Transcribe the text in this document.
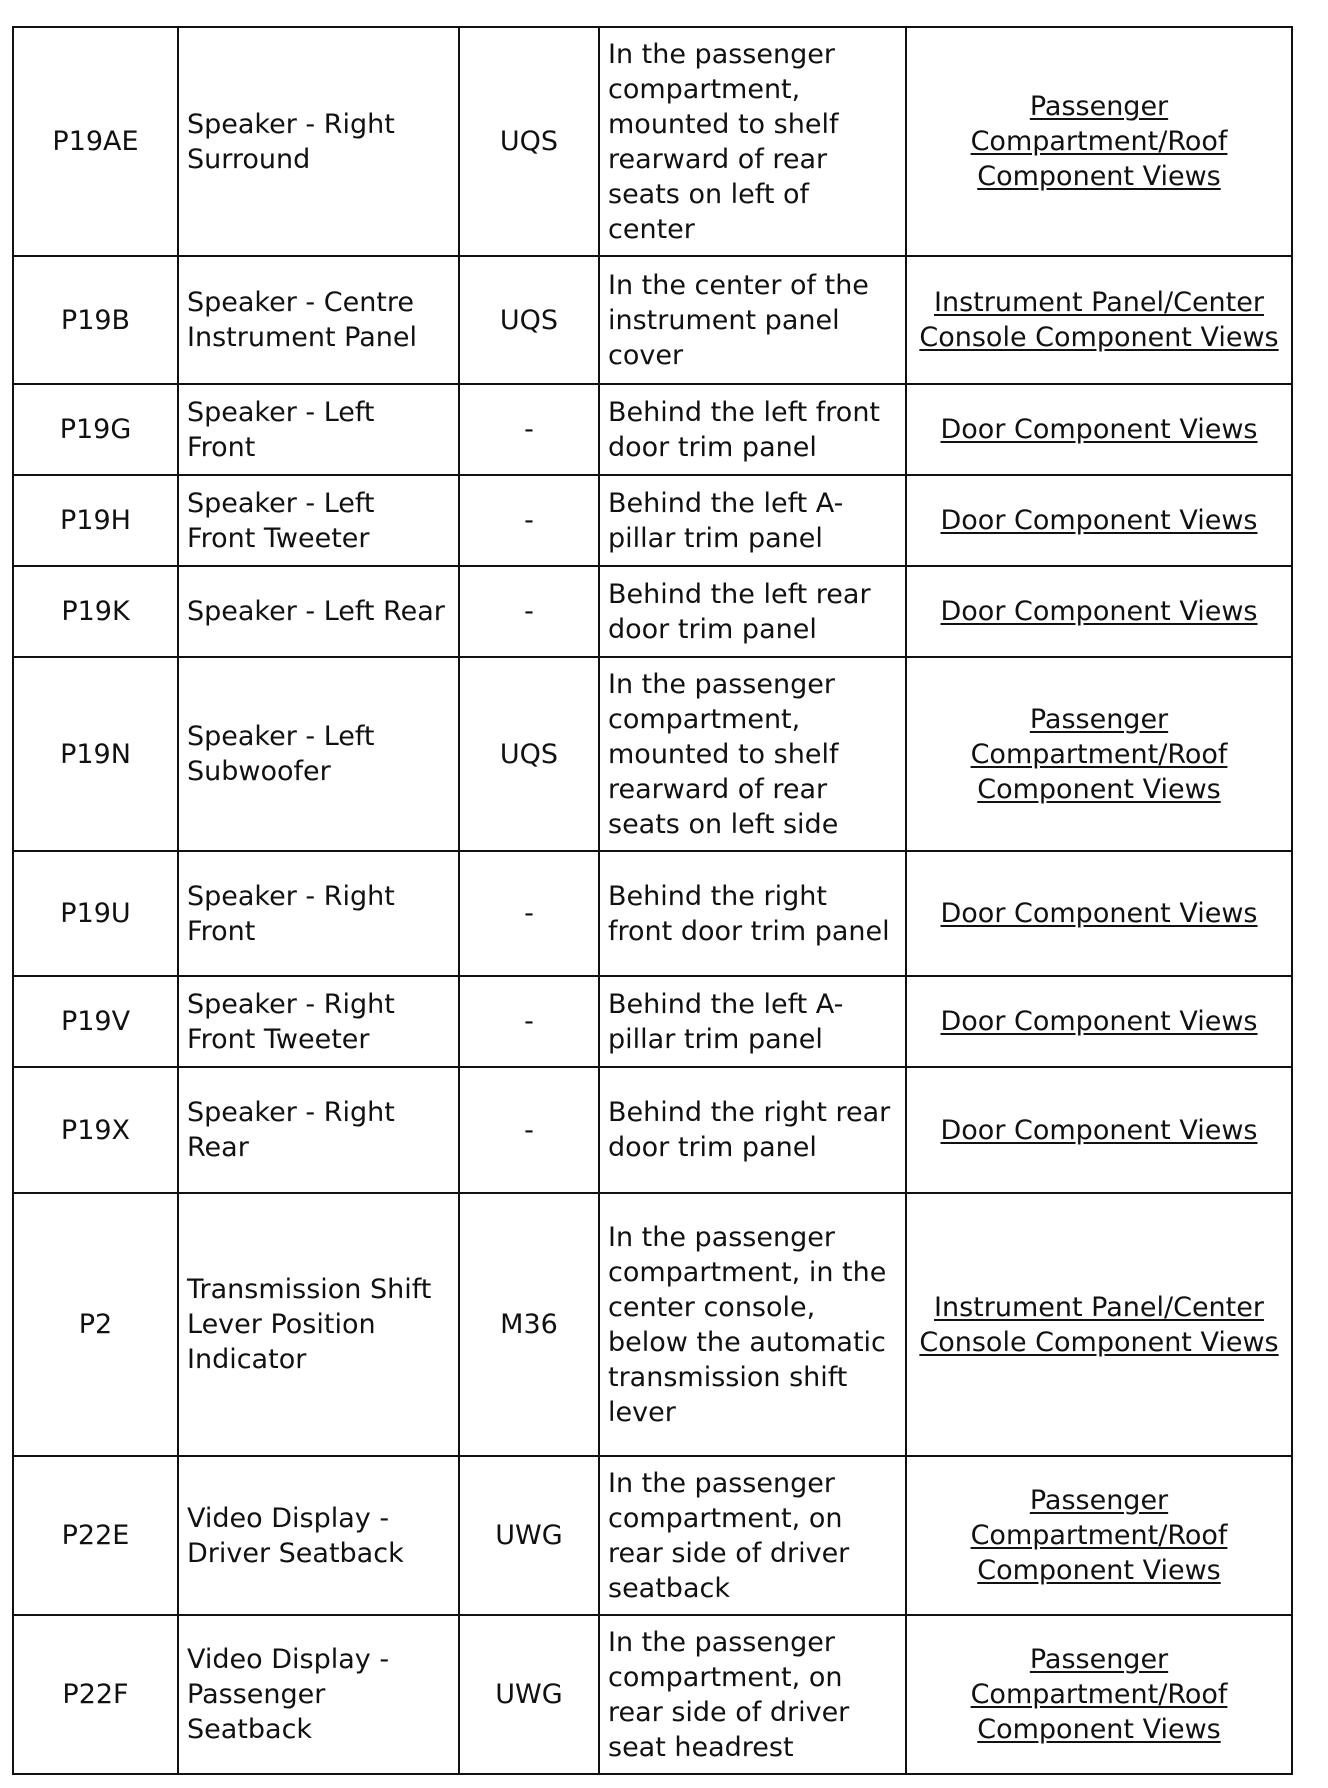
P19AE	Speaker - Right Surround	UQS	In the passenger compartment, mounted to shelf rearward of rear seats on left of center	Passenger Compartment/Roof Component Views
P19B	Speaker - Centre Instrument Panel	UQS	In the center of the instrument panel cover	Instrument Panel/Center Console Component Views
P19G	Speaker - Left Front	-	Behind the left front door trim panel	Door Component Views
P19H	Speaker - Left Front Tweeter	-	Behind the left A-pillar trim panel	Door Component Views
P19K	Speaker - Left Rear	-	Behind the left rear door trim panel	Door Component Views
P19N	Speaker - Left Subwoofer	UQS	In the passenger compartment, mounted to shelf rearward of rear seats on left side	Passenger Compartment/Roof Component Views
P19U	Speaker - Right Front	-	Behind the right front door trim panel	Door Component Views
P19V	Speaker - Right Front Tweeter	-	Behind the left A-pillar trim panel	Door Component Views
P19X	Speaker - Right Rear	-	Behind the right rear door trim panel	Door Component Views
P2	Transmission Shift Lever Position Indicator	M36	In the passenger compartment, in the center console, below the automatic transmission shift lever	Instrument Panel/Center Console Component Views
P22E	Video Display - Driver Seatback	UWG	In the passenger compartment, on rear side of driver seatback	Passenger Compartment/Roof Component Views
P22F	Video Display - Passenger Seatback	UWG	In the passenger compartment, on rear side of driver seat headrest	Passenger Compartment/Roof Component Views
